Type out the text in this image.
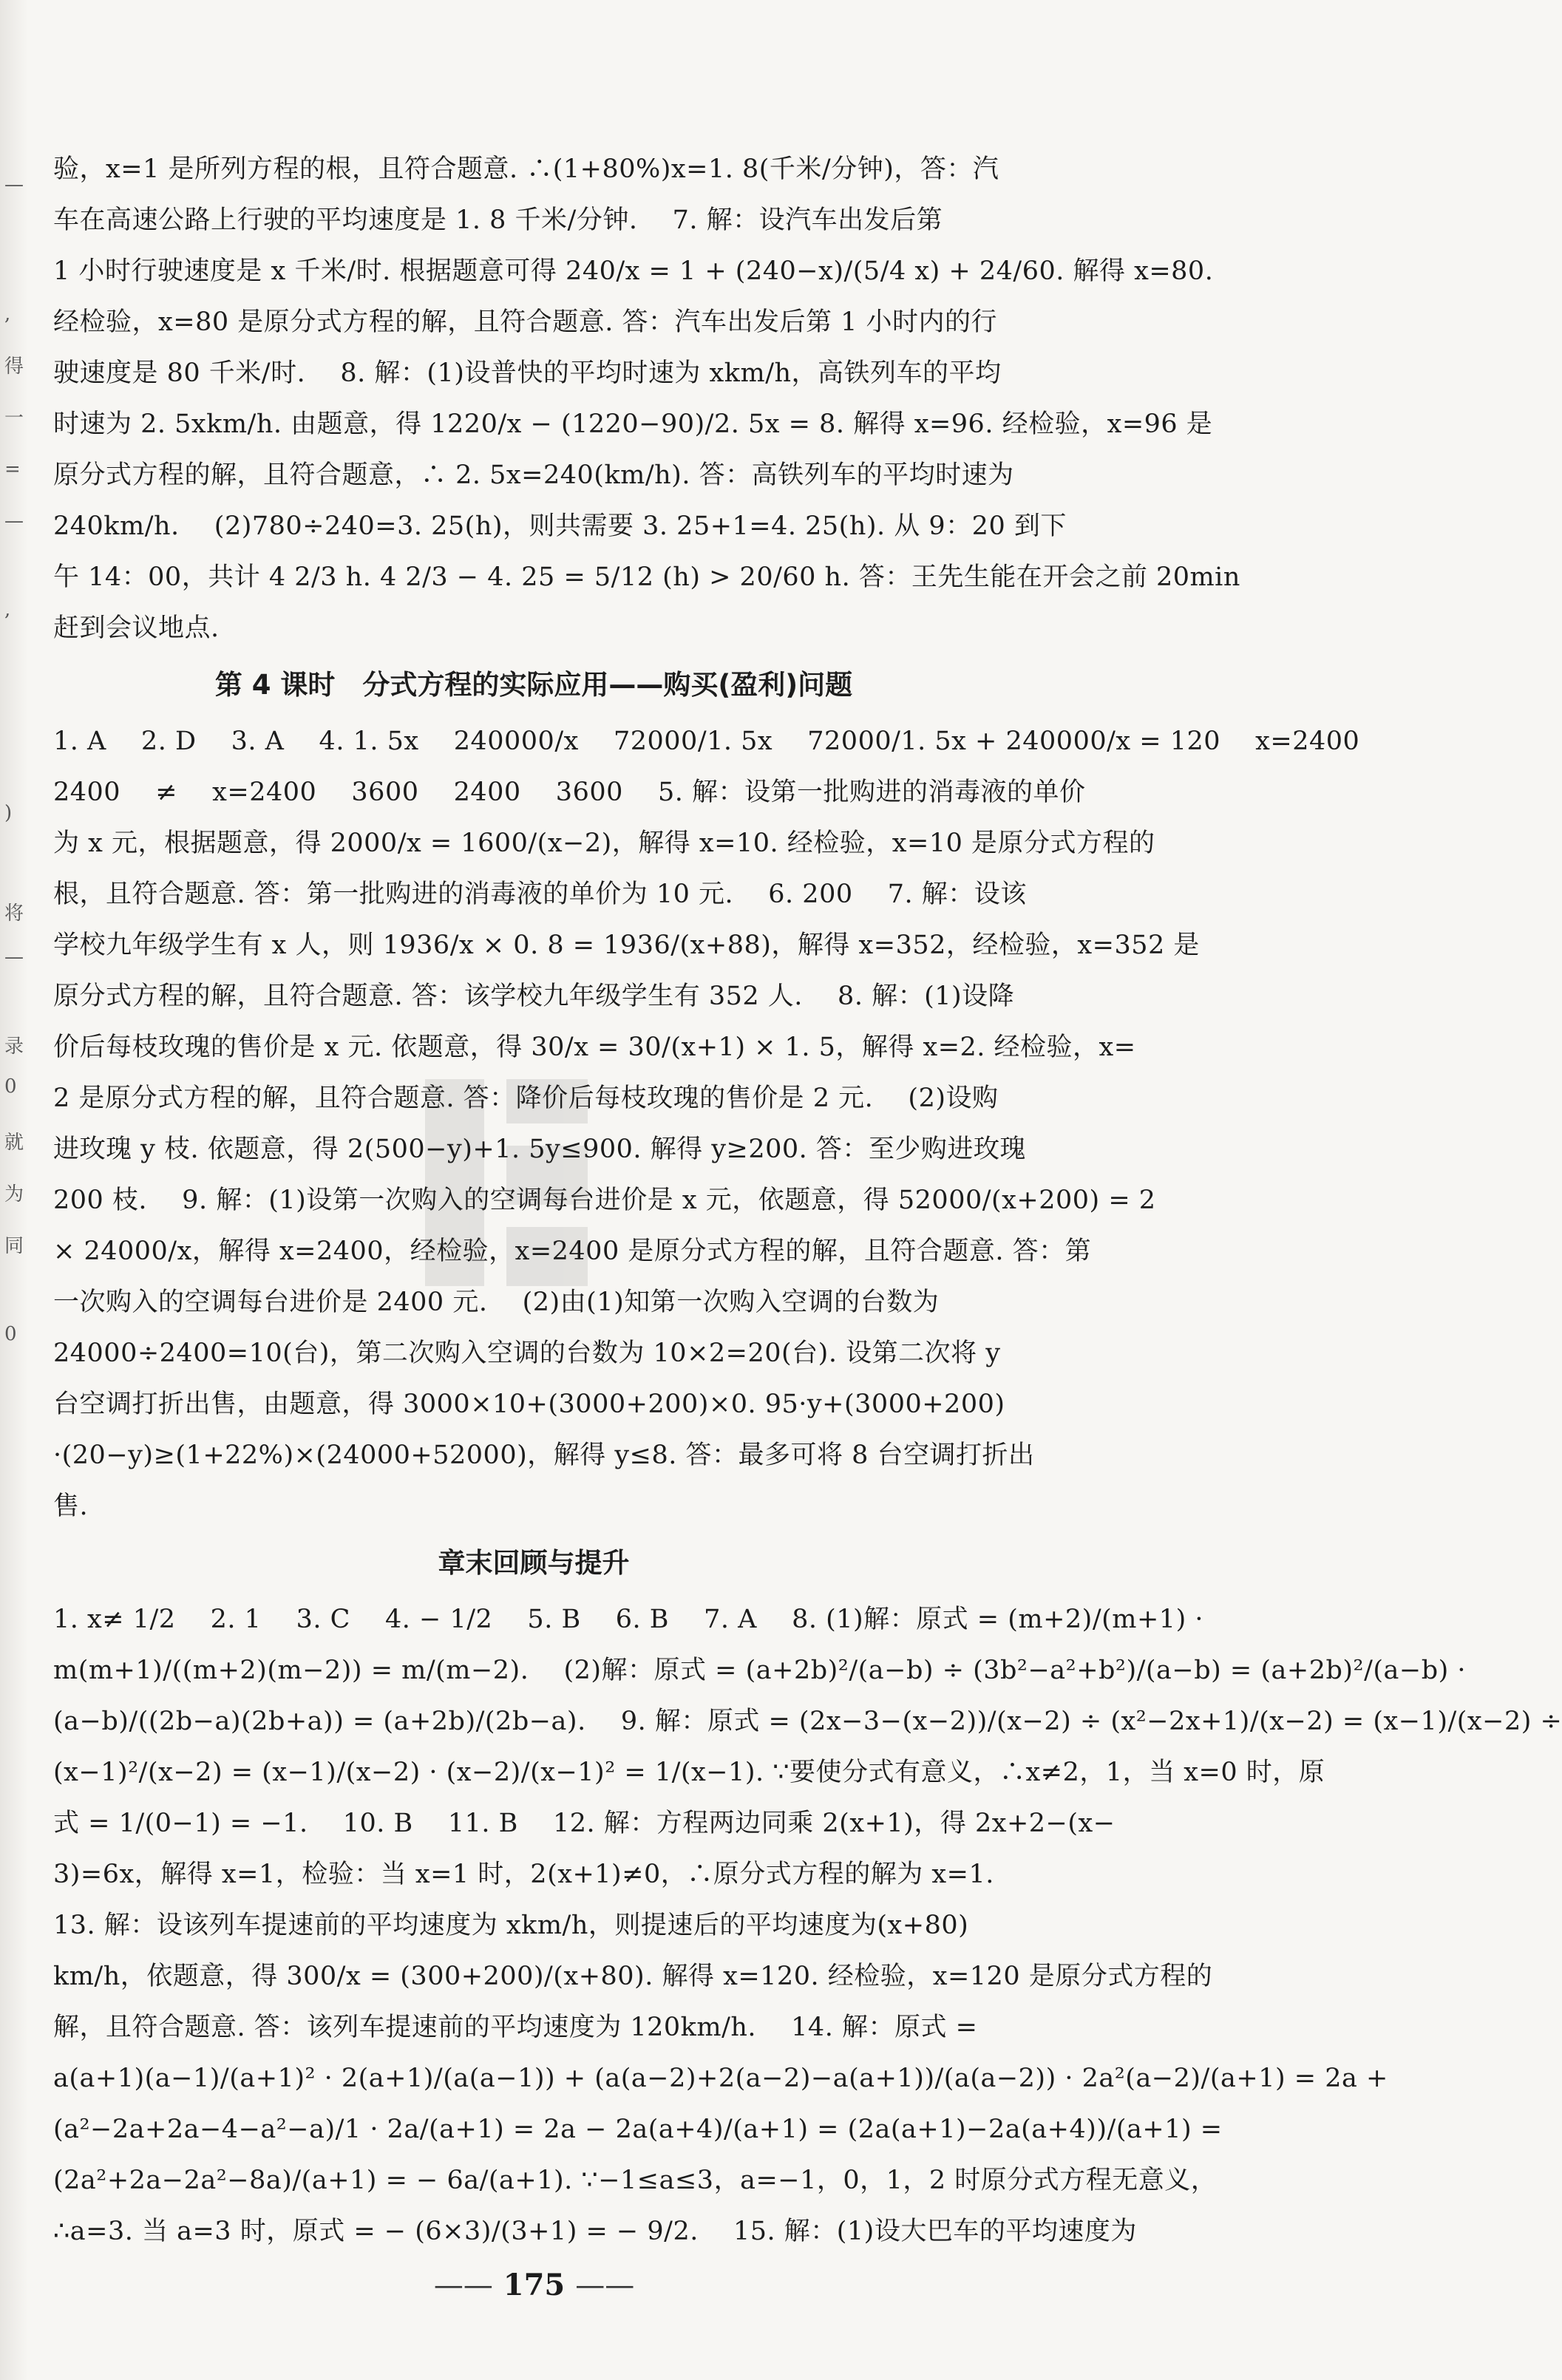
—
,
得
一
=
—
,
)
将
—
录
0
就
为
同
0
验，x=1 是所列方程的根，且符合题意. ∴(1+80%)x=1. 8(千米/分钟)，答：汽
车在高速公路上行驶的平均速度是 1. 8 千米/分钟.　 7. 解：设汽车出发后第
1 小时行驶速度是 x 千米/时. 根据题意可得 240/x = 1 + (240−x)/(5/4 x) + 24/60. 解得 x=80.
经检验，x=80 是原分式方程的解，且符合题意. 答：汽车出发后第 1 小时内的行
驶速度是 80 千米/时.　 8. 解：(1)设普快的平均时速为 xkm/h，高铁列车的平均
时速为 2. 5xkm/h. 由题意，得 1220/x − (1220−90)/2. 5x = 8. 解得 x=96. 经检验，x=96 是
原分式方程的解，且符合题意，∴ 2. 5x=240(km/h). 答：高铁列车的平均时速为
240km/h.　 (2)780÷240=3. 25(h)，则共需要 3. 25+1=4. 25(h). 从 9：20 到下
午 14：00，共计 4 2/3 h. 4 2/3 − 4. 25 = 5/12 (h) > 20/60 h. 答：王先生能在开会之前 20min
赶到会议地点.
第 4 课时　分式方程的实际应用——购买(盈利)问题
1. A　 2. D　 3. A　 4. 1. 5x　 240000/x　 72000/1. 5x　 72000/1. 5x + 240000/x = 120　 x=2400
2400　 ≠　 x=2400　 3600　 2400　 3600　 5. 解：设第一批购进的消毒液的单价
为 x 元，根据题意，得 2000/x = 1600/(x−2)，解得 x=10. 经检验，x=10 是原分式方程的
根，且符合题意. 答：第一批购进的消毒液的单价为 10 元.　 6. 200　 7. 解：设该
学校九年级学生有 x 人，则 1936/x × 0. 8 = 1936/(x+88)，解得 x=352，经检验，x=352 是
原分式方程的解，且符合题意. 答：该学校九年级学生有 352 人.　 8. 解：(1)设降
价后每枝玫瑰的售价是 x 元. 依题意，得 30/x = 30/(x+1) × 1. 5，解得 x=2. 经检验，x=
2 是原分式方程的解，且符合题意. 答：降价后每枝玫瑰的售价是 2 元.　 (2)设购
进玫瑰 y 枝. 依题意，得 2(500−y)+1. 5y≤900. 解得 y≥200. 答：至少购进玫瑰
200 枝.　 9. 解：(1)设第一次购入的空调每台进价是 x 元，依题意，得 52000/(x+200) = 2
× 24000/x，解得 x=2400，经检验，x=2400 是原分式方程的解，且符合题意. 答：第
一次购入的空调每台进价是 2400 元.　 (2)由(1)知第一次购入空调的台数为
24000÷2400=10(台)，第二次购入空调的台数为 10×2=20(台). 设第二次将 y
台空调打折出售，由题意，得 3000×10+(3000+200)×0. 95·y+(3000+200)
·(20−y)≥(1+22%)×(24000+52000)，解得 y≤8. 答：最多可将 8 台空调打折出
售.
章末回顾与提升
1. x≠ 1/2　 2. 1　 3. C　 4. − 1/2　 5. B　 6. B　 7. A　 8. (1)解：原式 = (m+2)/(m+1) ·
m(m+1)/((m+2)(m−2)) = m/(m−2).　 (2)解：原式 = (a+2b)²/(a−b) ÷ (3b²−a²+b²)/(a−b) = (a+2b)²/(a−b) ·
(a−b)/((2b−a)(2b+a)) = (a+2b)/(2b−a).　 9. 解：原式 = (2x−3−(x−2))/(x−2) ÷ (x²−2x+1)/(x−2) = (x−1)/(x−2) ÷
(x−1)²/(x−2) = (x−1)/(x−2) · (x−2)/(x−1)² = 1/(x−1). ∵要使分式有意义，∴x≠2，1，当 x=0 时，原
式 = 1/(0−1) = −1.　 10. B　 11. B　 12. 解：方程两边同乘 2(x+1)，得 2x+2−(x−
3)=6x，解得 x=1，检验：当 x=1 时，2(x+1)≠0，∴原分式方程的解为 x=1.
13. 解：设该列车提速前的平均速度为 xkm/h，则提速后的平均速度为(x+80)
km/h，依题意，得 300/x = (300+200)/(x+80). 解得 x=120. 经检验，x=120 是原分式方程的
解，且符合题意. 答：该列车提速前的平均速度为 120km/h.　 14. 解：原式 =
a(a+1)(a−1)/(a+1)² · 2(a+1)/(a(a−1)) + (a(a−2)+2(a−2)−a(a+1))/(a(a−2)) · 2a²(a−2)/(a+1) = 2a +
(a²−2a+2a−4−a²−a)/1 · 2a/(a+1) = 2a − 2a(a+4)/(a+1) = (2a(a+1)−2a(a+4))/(a+1) =
(2a²+2a−2a²−8a)/(a+1) = − 6a/(a+1). ∵−1≤a≤3，a=−1，0，1，2 时原分式方程无意义，
∴a=3. 当 a=3 时，原式 = − (6×3)/(3+1) = − 9/2.　 15. 解：(1)设大巴车的平均速度为
—— 175 ——
